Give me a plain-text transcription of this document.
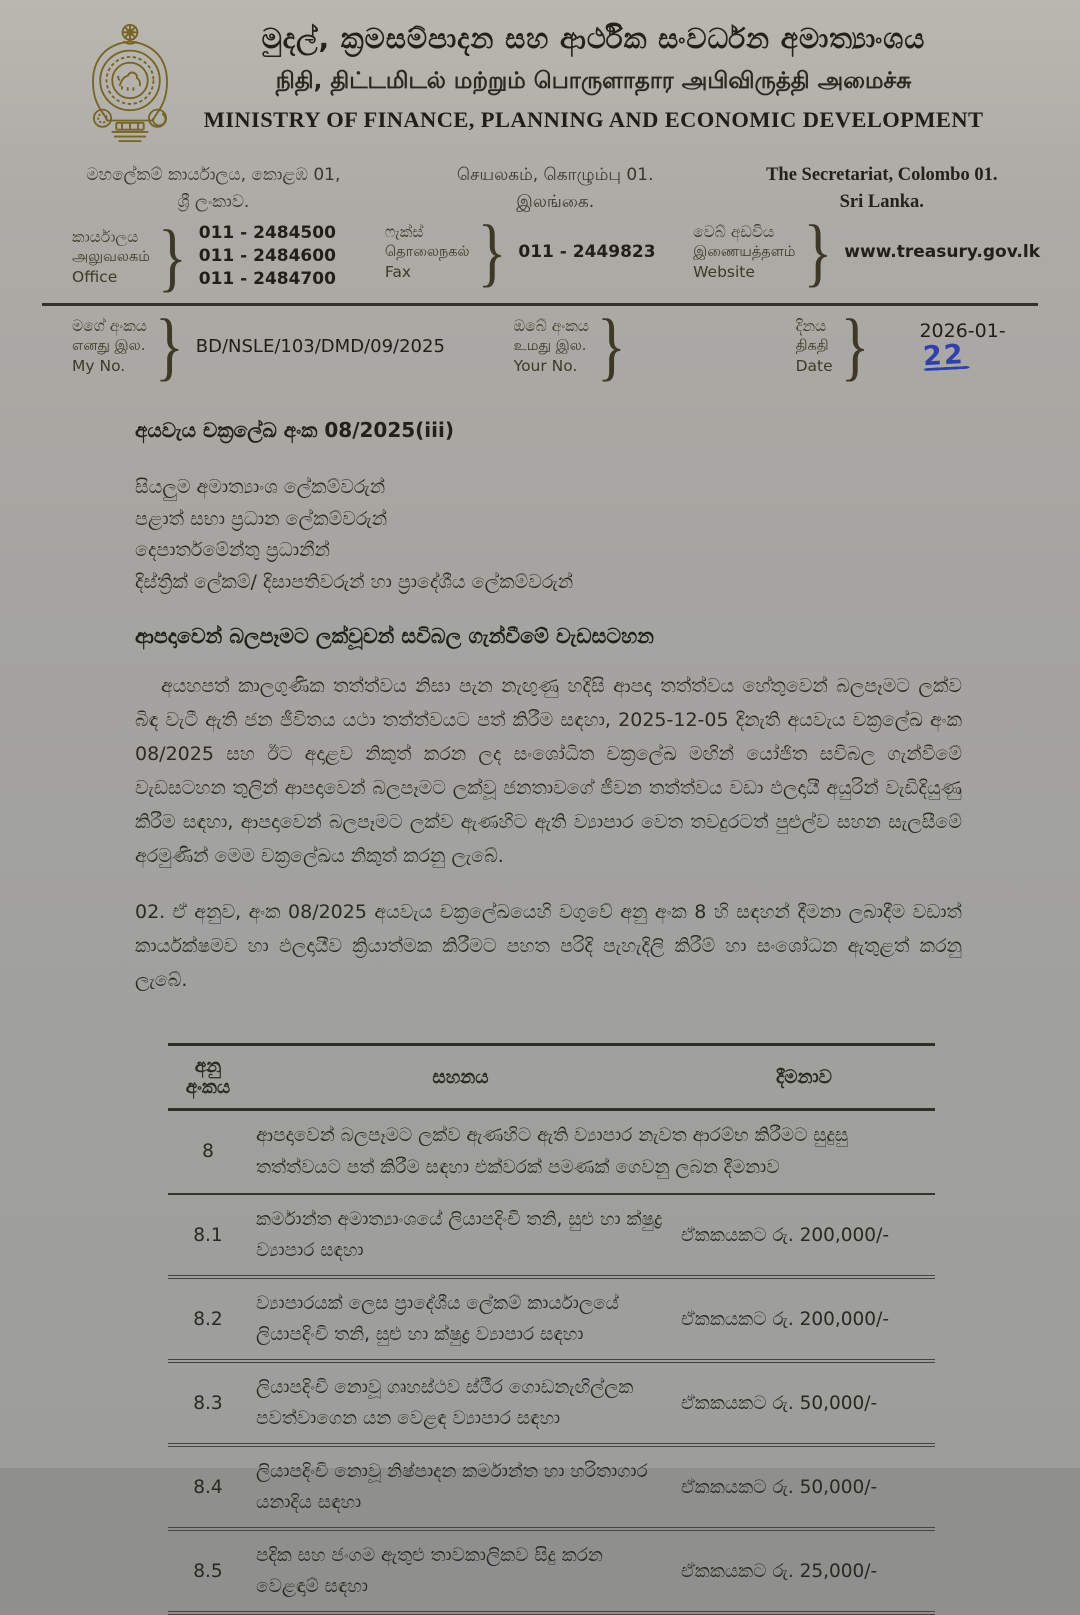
මුදල්, ක්‍රමසම්පාදන සහ ආර්ථික සංවර්ධන අමාත්‍යාංශය
நிதி, திட்டமிடல் மற்றும் பொருளாதார அபிவிருத்தி அமைச்சு
MINISTRY OF FINANCE, PLANNING AND ECONOMIC DEVELOPMENT
මහලේකම් කාර්යාලය, කොළඹ 01,
ශ්‍රී ලංකාව.
செயலகம், கொழும்பு 01.
இலங்கை.
The Secretariat, Colombo 01.
Sri Lanka.
කාර්යාලය
அலுவலகம்
Office } 011 - 2484500
011 - 2484600
011 - 2484700
ෆැක්ස්
தொலைநகல்
Fax	} 011 - 2449823
වෙබ් අඩවිය
இணையத்தளம்
Website } www.treasury.gov.lk
මගේ අංකය
எனது இல.
My No. } BD/NSLE/103/DMD/09/2025
ඔබේ අංකය
உமது இல.
Your No. }	දිනය
திகதி
Date }	2026-01-22
අයවැය චක්‍රලේඛ අංක 08/2025(iii)
සියලුම අමාත්‍යාංශ ලේකම්වරුන්
පළාත් සභා ප්‍රධාන ලේකම්වරුන්
දෙපාර්තමේන්තු ප්‍රධානීන්
දිස්ත්‍රික් ලේකම්/ දිසාපතිවරුන් හා ප්‍රාදේශීය ලේකම්වරුන්
ආපදාවෙන් බලපෑමට ලක්වූවන් සවිබල ගැන්වීමේ වැඩසටහන

අයහපත් කාලගුණික තත්ත්වය නිසා පැන නැඟුණු හදිසි ආපදා තත්ත්වය හේතුවෙන් බලපෑමට ලක්ව බිඳ වැටී ඇති ජන ජීවිතය යථා තත්ත්වයට පත් කිරීම සඳහා, 2025-12-05 දිනැති අයවැය චක්‍රලේඛ අංක 08/2025 සහ ඊට අදාළව නිකුත් කරන ලද සංශෝධිත චක්‍රලේඛ මඟින් යෝජිත සවිබල ගැන්වීමේ වැඩසටහන තුලින් ආපදාවෙන් බලපෑමට ලක්වූ ජනතාවගේ ජීවන තත්ත්වය වඩා ඵලදායී අයුරින් වැඩිදියුණු කිරීම සඳහා, ආපදාවෙන් බලපෑමට ලක්ව ඇණහිට ඇති ව්‍යාපාර වෙත තවදුරටත් පුළුල්ව සහන සැලසීමේ අරමුණින් මෙම චක්‍රලේඛය නිකුත් කරනු ලැබේ.

02. ඒ අනුව, අංක 08/2025 අයවැය චක්‍රලේඛයෙහි වගුවේ අනු අංක 8 හි සඳහන් දීමනා ලබාදීම වඩාත් කාර්යක්ෂමව හා ඵලදායීව ක්‍රියාත්මක කිරීමට පහත පරිදි පැහැදිලි කිරීම් හා සංශෝධන ඇතුළත් කරනු ලැබේ.

අනු අංකය	සහනය	දීමනාව
8	ආපදාවෙන් බලපෑමට ලක්ව ඇණහිට ඇති ව්‍යාපාර නැවත ආරම්භ කිරීමට සුදුසු තත්ත්වයට පත් කිරීම සඳහා එක්වරක් පමණක් ගෙවනු ලබන දීමනාව	
8.1	කර්මාන්ත අමාත්‍යාංශයේ ලියාපදිංචි තනි, සුළු හා ක්ෂුද්‍ර ව්‍යාපාර සඳහා	ඒකකයකට රු. 200,000/-
8.2	ව්‍යාපාරයක් ලෙස ප්‍රාදේශීය ලේකම් කාර්යාලයේ ලියාපදිංචි තනි, සුළු හා ක්ෂුද්‍ර ව්‍යාපාර සඳහා	ඒකකයකට රු. 200,000/-
8.3	ලියාපදිංචි නොවූ ගෘහස්ථව ස්ථීර ගොඩනැඟිල්ලක පවත්වාගෙන යන වෙළඳ ව්‍යාපාර සඳහා	ඒකකයකට රු. 50,000/-
8.4	ලියාපදිංචි නොවූ නිෂ්පාදන කර්මාන්ත හා හරිතාගාර යනාදිය සඳහා	ඒකකයකට රු. 50,000/-
8.5	පදික සහ ජංගම ඇතුළු තාවකාලිකව සිදු කරන වෙළඳාම් සඳහා	ඒකකයකට රු. 25,000/-
